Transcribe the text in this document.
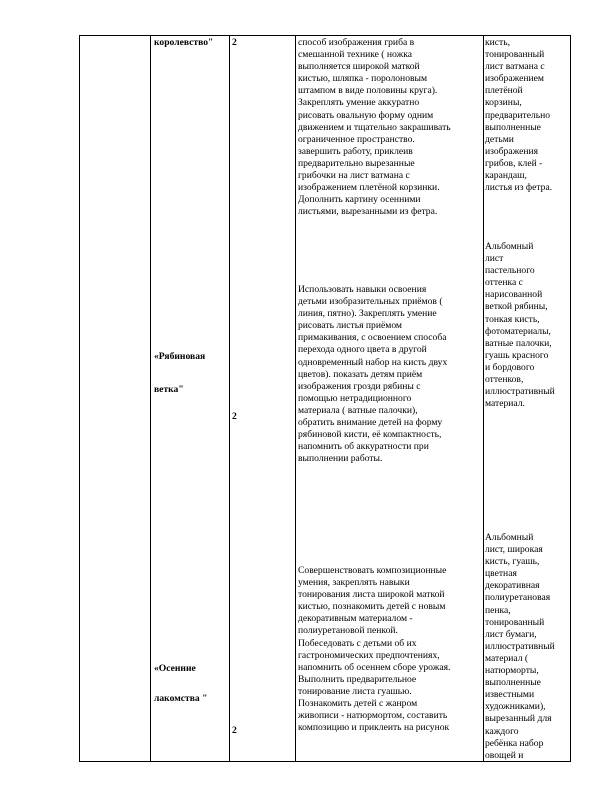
королевство" 2	способ изображения гриба в
смешанной технике ( ножка
выполняется широкой маткой
кистью, шляпка - поролоновым
штампом в виде половины круга).
Закреплять умение аккуратно
рисовать овальную форму одним
движением и тщательно закрашивать
ограниченное пространство.
завершить работу, приклеив
предварительно вырезанные
грибочки на лист ватмана с
изображением плетёной корзинки.
Дополнить картину осенними
листьями, вырезанными из фетра.
кисть,
тонированный
лист ватмана с
изображением
плетёной
корзины,
предварительно
выполненные
детьми
изображения
грибов, клей -
карандаш,
листья из фетра.
«Рябиновая
ветка"
2
Использовать навыки освоения
детьми изобразительных приёмов (
линия, пятно). Закреплять умение
рисовать листья приёмом
примакивания, с освоением способа
перехода одного цвета в другой
одновременный набор на кисть двух
цветов). показать детям приём
изображения грозди рябины с
помощью нетрадиционного
материала ( ватные палочки),
обратить внимание детей на форму
рябиновой кисти, её компактность,
напомнить об аккуратности при
выполнении работы.
Альбомный
лист
пастельного
оттенка с
нарисованной
веткой рябины,
тонкая кисть,
фотоматериалы,
ватные палочки,
гуашь красного
и бордового
оттенков,
иллюстративный
материал.
«Осенние
лакомства "
2
Совершенствовать композиционные
умения, закреплять навыки
тонирования листа широкой маткой
кистью, познакомить детей с новым
декоративным материалом -
полиуретановой пенкой.
Побеседовать с детьми об их
гастрономических предпочтениях,
напомнить об осеннем сборе урожая.
Выполнить предварительное
тонирование листа гуашью.
Познакомить детей с жанром
живописи - натюрмортом, составить
композицию и приклеить на рисунок
Альбомный
лист, широкая
кисть, гуашь,
цветная
декоративная
полиуретановая
пенка,
тонированный
лист бумаги,
иллюстративный
материал (
натюрморты,
выполненные
известными
художниками),
вырезанный для
каждого
ребёнка набор
овощей и
